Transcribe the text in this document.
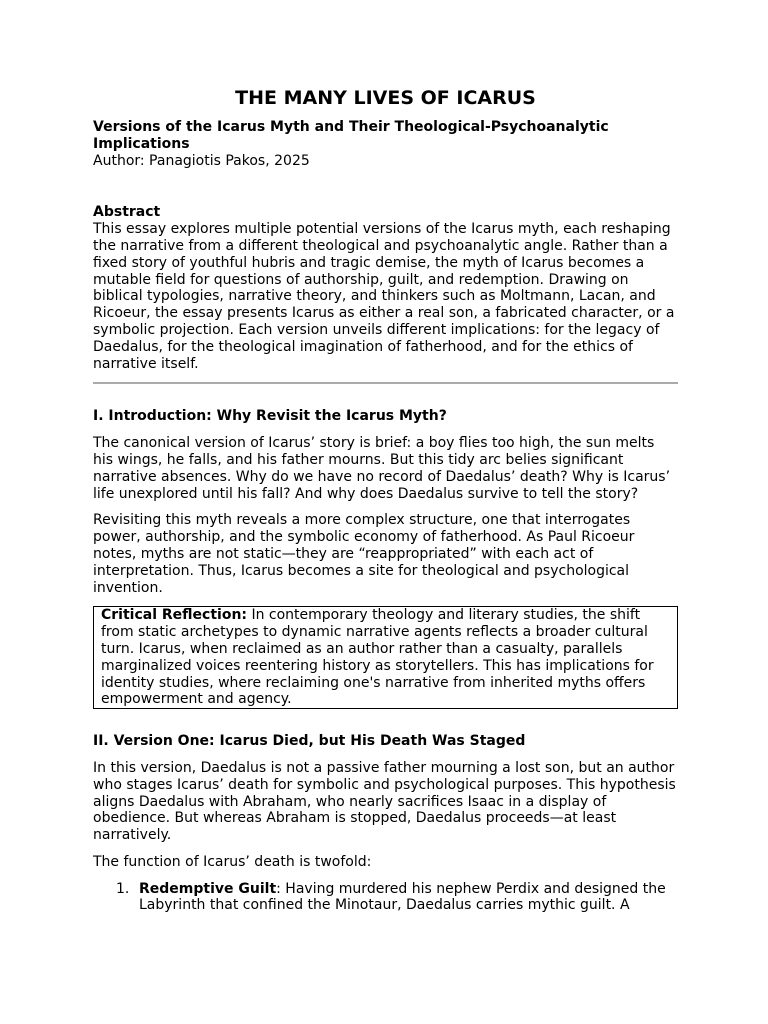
THE MANY LIVES OF ICARUS

Versions of the Icarus Myth and Their Theological-Psychoanalytic Implications

Author: Panagiotis Pakos, 2025

Abstract

This essay explores multiple potential versions of the Icarus myth, each reshaping the narrative from a different theological and psychoanalytic angle. Rather than a fixed story of youthful hubris and tragic demise, the myth of Icarus becomes a mutable field for questions of authorship, guilt, and redemption. Drawing on biblical typologies, narrative theory, and thinkers such as Moltmann, Lacan, and Ricoeur, the essay presents Icarus as either a real son, a fabricated character, or a symbolic projection. Each version unveils different implications: for the legacy of Daedalus, for the theological imagination of fatherhood, and for the ethics of narrative itself.

I. Introduction: Why Revisit the Icarus Myth?

The canonical version of Icarus’ story is brief: a boy flies too high, the sun melts his wings, he falls, and his father mourns. But this tidy arc belies significant narrative absences. Why do we have no record of Daedalus’ death? Why is Icarus’ life unexplored until his fall? And why does Daedalus survive to tell the story?

Revisiting this myth reveals a more complex structure, one that interrogates power, authorship, and the symbolic economy of fatherhood. As Paul Ricoeur notes, myths are not static—they are “reappropriated” with each act of interpretation. Thus, Icarus becomes a site for theological and psychological invention.

Critical Reflection: In contemporary theology and literary studies, the shift from static archetypes to dynamic narrative agents reflects a broader cultural turn. Icarus, when reclaimed as an author rather than a casualty, parallels marginalized voices reentering history as storytellers. This has implications for identity studies, where reclaiming one's narrative from inherited myths offers empowerment and agency.

II. Version One: Icarus Died, but His Death Was Staged

In this version, Daedalus is not a passive father mourning a lost son, but an author who stages Icarus’ death for symbolic and psychological purposes. This hypothesis aligns Daedalus with Abraham, who nearly sacrifices Isaac in a display of obedience. But whereas Abraham is stopped, Daedalus proceeds—at least narratively.

The function of Icarus’ death is twofold:

1. Redemptive Guilt: Having murdered his nephew Perdix and designed the Labyrinth that confined the Minotaur, Daedalus carries mythic guilt. A
